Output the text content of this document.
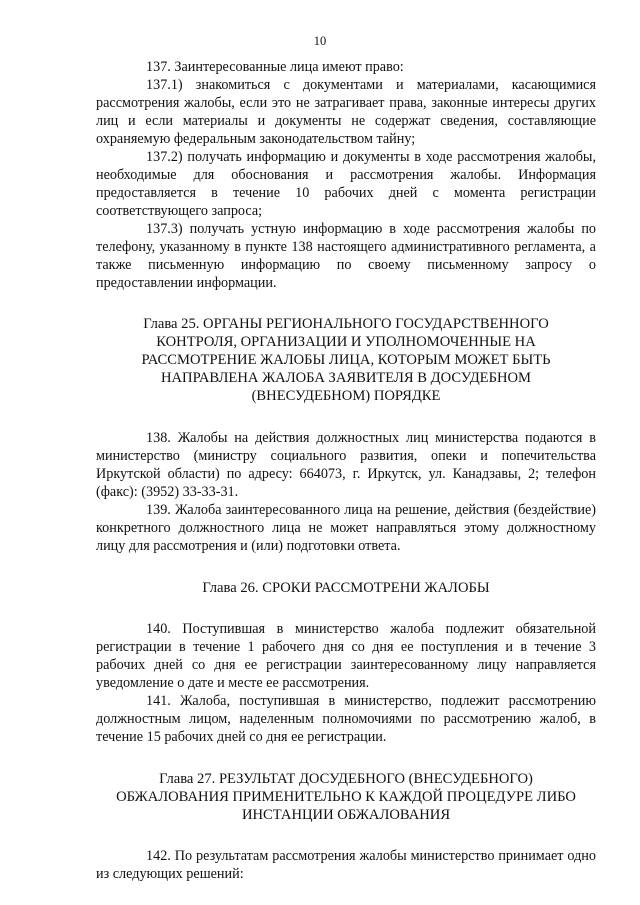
10

137. Заинтересованные лица имеют право:

137.1) знакомиться с документами и материалами, касающимися рассмотрения жалобы, если это не затрагивает права, законные интересы других лиц и если материалы и документы не содержат сведения, составляющие охраняемую федеральным законодательством тайну;

137.2) получать информацию и документы в ходе рассмотрения жалобы, необходимые для обоснования и рассмотрения жалобы. Информация предоставляется в течение 10 рабочих дней с момента регистрации соответствующего запроса;

137.3) получать устную информацию в ходе рассмотрения жалобы по телефону, указанному в пункте 138 настоящего административного регламента, а также письменную информацию по своему письменному запросу о предоставлении информации.

Глава 25. ОРГАНЫ РЕГИОНАЛЬНОГО ГОСУДАРСТВЕННОГО
КОНТРОЛЯ, ОРГАНИЗАЦИИ И УПОЛНОМОЧЕННЫЕ НА
РАССМОТРЕНИЕ ЖАЛОБЫ ЛИЦА, КОТОРЫМ МОЖЕТ БЫТЬ
НАПРАВЛЕНА ЖАЛОБА ЗАЯВИТЕЛЯ В ДОСУДЕБНОМ
(ВНЕСУДЕБНОМ) ПОРЯДКЕ

138. Жалобы на действия должностных лиц министерства подаются в министерство (министру социального развития, опеки и попечительства Иркутской области) по адресу: 664073, г. Иркутск, ул. Канадзавы, 2; телефон (факс): (3952) 33-33-31.

139. Жалоба заинтересованного лица на решение, действия (бездействие) конкретного должностного лица не может направляться этому должностному лицу для рассмотрения и (или) подготовки ответа.

Глава 26. СРОКИ РАССМОТРЕНИ ЖАЛОБЫ

140. Поступившая в министерство жалоба подлежит обязательной регистрации в течение 1 рабочего дня со дня ее поступления и в течение 3 рабочих дней со дня ее регистрации заинтересованному лицу направляется уведомление о дате и месте ее рассмотрения.

141. Жалоба, поступившая в министерство, подлежит рассмотрению должностным лицом, наделенным полномочиями по рассмотрению жалоб, в течение 15 рабочих дней со дня ее регистрации.

Глава 27. РЕЗУЛЬТАТ ДОСУДЕБНОГО (ВНЕСУДЕБНОГО)
ОБЖАЛОВАНИЯ ПРИМЕНИТЕЛЬНО К КАЖДОЙ ПРОЦЕДУРЕ ЛИБО
ИНСТАНЦИИ ОБЖАЛОВАНИЯ

142. По результатам рассмотрения жалобы министерство принимает одно из следующих решений:
